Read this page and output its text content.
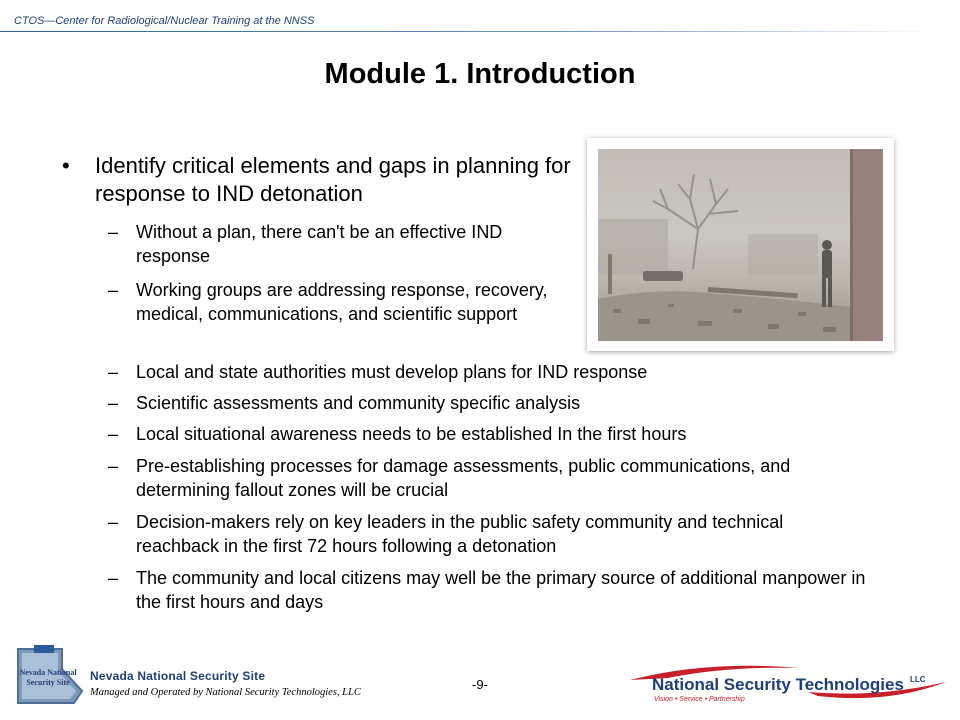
CTOS—Center for Radiological/Nuclear Training at the NNSS
Module 1. Introduction
• Identify critical elements and gaps in planning for response to IND detonation
– Without a plan, there can't be an effective IND response
– Working groups are addressing response, recovery, medical, communications, and scientific support
– Local and state authorities must develop plans for IND response
– Scientific assessments and community specific analysis
– Local situational awareness needs to be established In the first hours
– Pre-establishing processes for damage assessments, public communications, and determining fallout zones will be crucial
– Decision-makers rely on key leaders in the public safety community and technical reachback in the first 72 hours following a detonation
– The community and local citizens may well be the primary source of additional manpower in the first hours and days
Nevada National
Security Site Nevada National Security Site
Managed and Operated by National Security Technologies, LLC
-9-	National Security Technologies LLC
Vision • Service • Partnership
